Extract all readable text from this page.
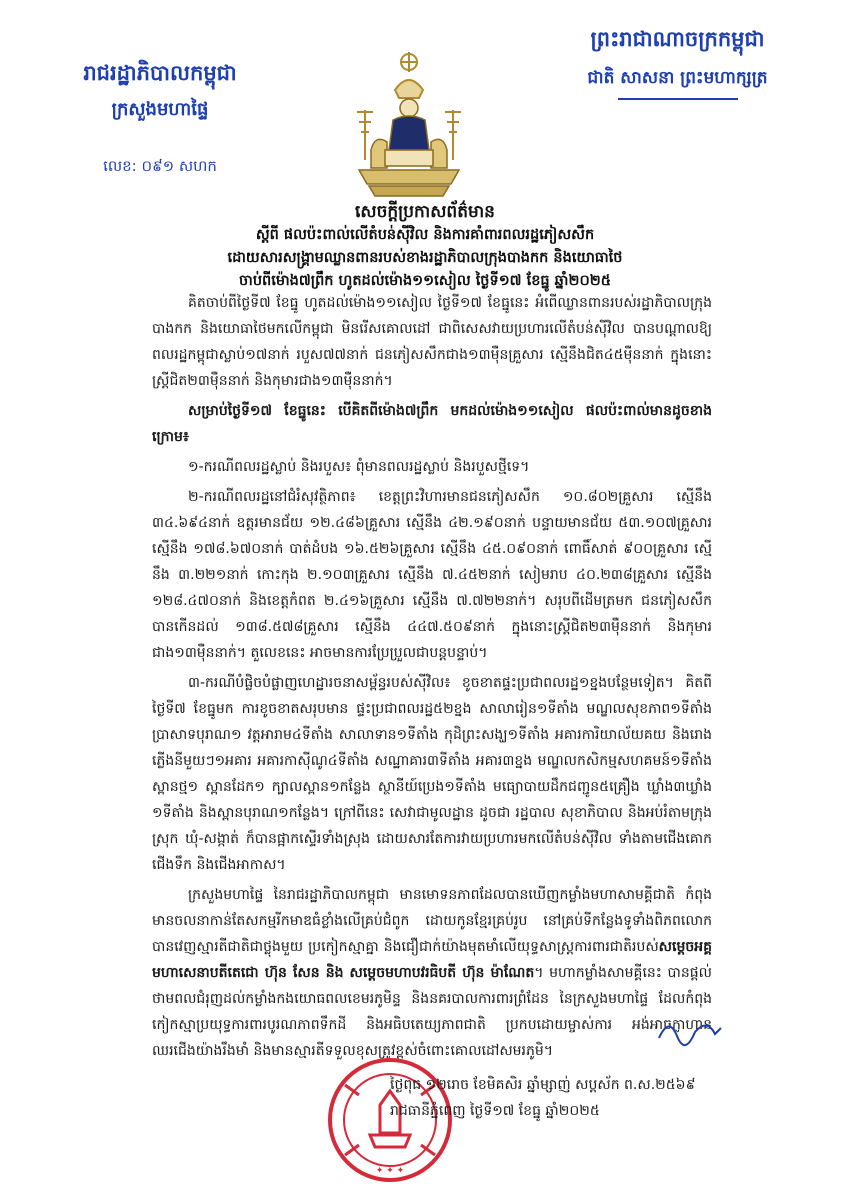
រាជរដ្ឋាភិបាលកម្ពុជា
ក្រសួងមហាផ្ទៃ
លេខ: ០៩១ សហក
ព្រះរាជាណាចក្រកម្ពុជា
ជាតិ សាសនា ព្រះមហាក្សត្រ
សេចក្តីប្រកាសព័ត៌មាន
ស្តីពី ផលប៉ះពាល់លើតំបន់ស៊ីវិល និងការគាំពារពលរដ្ឋភៀសសឹក
ដោយសារសង្គ្រាមឈ្លានពានរបស់ខាងរដ្ឋាភិបាលក្រុងបាងកក និងយោធាថៃ
ចាប់ពីម៉ោង៧ព្រឹក ហូតដល់ម៉ោង១១សៀល ថ្ងៃទី១៧ ខែធ្នូ ឆ្នាំ២០២៥

គិតចាប់ពីថ្ងៃទី៧ ខែធ្នូ ហូតដល់ម៉ោង១១សៀល ថ្ងៃទី១៧ ខែធ្នូនេះ អំពើឈ្លានពានរបស់រដ្ឋាភិបាលក្រុងបាងកក និងយោធាថៃមកលើកម្ពុជា មិនរើសគោលដៅ ជាពិសេសវាយប្រហារលើតំបន់ស៊ីវិល បានបណ្តាលឱ្យពលរដ្ឋកម្ពុជាស្លាប់១៧នាក់ របួស៧៧នាក់ ជនភៀសសឹកជាង១៣ម៉ឺនគ្រួសារ ស្មើនឹងជិត៤៥ម៉ឺននាក់ ក្នុងនោះស្ត្រីជិត២៣ម៉ឺននាក់ និងកុមារជាង១៣ម៉ឺននាក់។

សម្រាប់ថ្ងៃទី១៧ ខែធ្នូនេះ បើគិតពីម៉ោង៧ព្រឹក មកដល់ម៉ោង១១សៀល ផលប៉ះពាល់មានដូចខាងក្រោម៖

១-ករណីពលរដ្ឋស្លាប់ និងរបួស៖ ពុំមានពលរដ្ឋស្លាប់ និងរបួសថ្មីទេ។

២-ករណីពលរដ្ឋនៅជំរំសុវត្ថិភាព៖ ខេត្តព្រះវិហារមានជនភៀសសឹក ១០.៨០២គ្រួសារ ស្មើនឹង ៣៤.៦៩៤នាក់ ឧត្តរមានជ័យ ១២.៤៨៦គ្រួសារ ស្មើនឹង ៤២.១៩០នាក់ បន្ទាយមានជ័យ ៥៣.១០៧គ្រួសារ ស្មើនឹង ១៧៨.៦៧០នាក់ បាត់ដំបង ១៦.៥២៦គ្រួសារ ស្មើនឹង ៤៥.០៩០នាក់ ពោធិ៍សាត់ ៩០០គ្រួសារ ស្មើនឹង ៣.២២១នាក់ កោះកុង ២.១០៣គ្រួសារ ស្មើនឹង ៧.៤៥២នាក់ សៀមរាប ៤០.២៣៨គ្រួសារ ស្មើនឹង ១២៨.៤៧០នាក់ និងខេត្តកំពត ២.៤១៦គ្រួសារ ស្មើនឹង ៧.៧២២នាក់។ សរុបពីដើមត្រមក ជនភៀសសឹកបានកើនដល់ ១៣៨.៥៧៨គ្រួសារ ស្មើនឹង ៤៤៧.៥០៩នាក់ ក្នុងនោះស្ត្រីជិត២៣ម៉ឺននាក់ និងកុមារជាង១៣ម៉ឺននាក់។ តួលេខនេះ អាចមានការប្រែប្រួលជាបន្តបន្ទាប់។

៣-ករណីបំផ្លិចបំផ្លាញហេដ្ឋារចនាសម្ព័ន្ធរបស់ស៊ីវិល៖ ខូចខាតផ្ទះប្រជាពលរដ្ឋ១ខ្នងបន្ថែមទៀត។ គិតពីថ្ងៃទី៧ ខែធ្នូមក ការខូចខាតសរុបមាន ផ្ទះប្រជាពលរដ្ឋ៥២ខ្នង សាលារៀន១ទីតាំង មណ្ឌលសុខភាព១ទីតាំង ប្រាសាទបុរាណ១ វត្តអារាម៤ទីតាំង សាលាទាន១ទីតាំង កុដិព្រះសង្ឃ១ទីតាំង អគារការិយាល័យគយ និងរោងភ្លើងនីមួយៗ១អគារ អគារកាស៊ីណូ៤ទីតាំង សណ្ឋាគារ៣ទីតាំង អគារ៣ខ្នង មណ្ឌលកសិកម្មសហគមន៍១ទីតាំង ស្ពានថ្ម១ ស្ពានដែក១ ក្បាលស្ពាន១កន្លែង ស្ថានីយ៍ប្រេង១ទីតាំង មធ្យោបាយដឹកជញ្ជូន៥គ្រឿង ឃ្លាំង៣ឃ្លាំង ១ទីតាំង និងស្ពានបុរាណ១កន្លែង។ ក្រៅពីនេះ សេវាជាមូលដ្ឋាន ដូចជា រដ្ឋបាល សុខាភិបាល និងអប់រំតាមក្រុង ស្រុក ឃុំ-សង្កាត់ ក៏បានផ្អាកស្ទើរទាំងស្រុង ដោយសារតែការវាយប្រហារមកលើតំបន់ស៊ីវិល ទាំងតាមជើងគោក ជើងទឹក និងជើងអាកាស។

ក្រសួងមហាផ្ទៃ នៃរាជរដ្ឋាភិបាលកម្ពុជា មានមោទនភាពដែលបានឃើញកម្លាំងមហាសាមគ្គីជាតិ កំពុងមានចលនាកាន់តែសកម្មរីកមាឌធំខ្លាំងលើគ្រប់ជំពូក ដោយកូនខ្មែរគ្រប់រូប នៅគ្រប់ទីកន្លែងទូទាំងពិភពលោក បានវេញស្មារតីជាតិជាថ្លុងមួយ ប្រកៀកស្មាគ្នា និងជឿជាក់យ៉ាងមុតមាំលើយុទ្ធសាស្ត្រការពារជាតិរបស់សម្តេចអគ្គមហាសេនាបតីតេជោ ហ៊ុន សែន និង សម្តេចមហាបវរធិបតី ហ៊ុន ម៉ាណែត។ មហាកម្លាំងសាមគ្គីនេះ បានផ្តល់ថាមពលជំរុញដល់កម្លាំងកងយោធពលខេមរភូមិន្ទ និងនគរបាលការពារព្រំដែន នៃក្រសួងមហាផ្ទៃ ដែលកំពុងកៀកស្មាប្រយុទ្ធការពារបូរណភាពទឹកដី និងអធិបតេយ្យភាពជាតិ ប្រកបដោយម្ចាស់ការ អង់អាចក្លាហាន ឈរជើងយ៉ាងរឹងមាំ និងមានស្មារតីទទួលខុសត្រូវខ្ពស់ចំពោះគោលដៅសមរភូមិ។

✦ ✦ ✦
ថ្ងៃពុធ ១២រោច ខែមិគសិរ ឆ្នាំម្សាញ់ សប្តស័ក ព.ស.២៥៦៩
រាជធានីភ្នំពេញ ថ្ងៃទី១៧ ខែធ្នូ ឆ្នាំ២០២៥
